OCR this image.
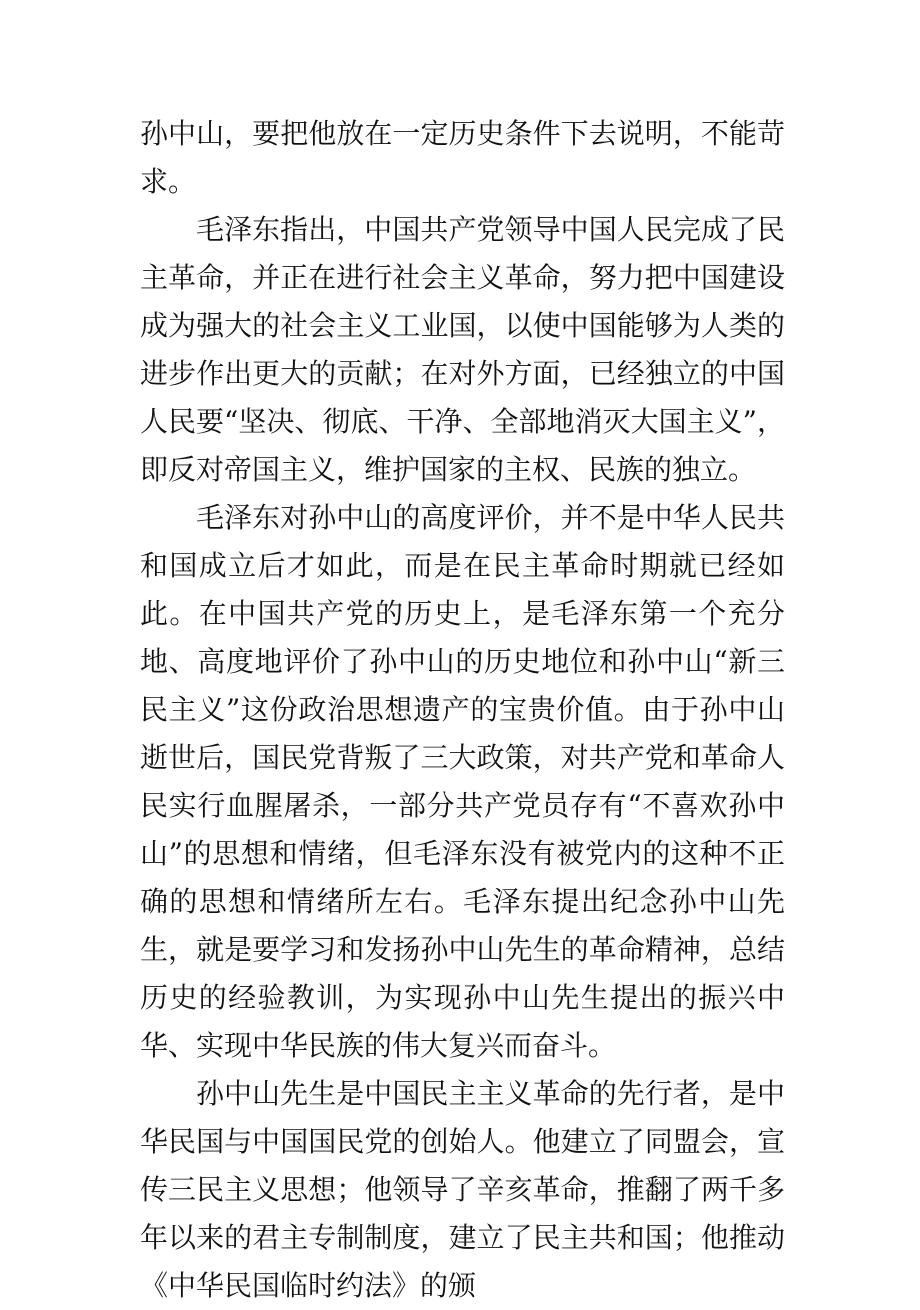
孙中山，要把他放在一定历史条件下去说明，不能苛求。

毛泽东指出，中国共产党领导中国人民完成了民主革命，并正在进行社会主义革命，努力把中国建设成为强大的社会主义工业国，以使中国能够为人类的进步作出更大的贡献；在对外方面，已经独立的中国人民要“坚决、彻底、干净、全部地消灭大国主义”，即反对帝国主义，维护国家的主权、民族的独立。

毛泽东对孙中山的高度评价，并不是中华人民共和国成立后才如此，而是在民主革命时期就已经如此。在中国共产党的历史上，是毛泽东第一个充分地、高度地评价了孙中山的历史地位和孙中山“新三民主义”这份政治思想遗产的宝贵价值。由于孙中山逝世后，国民党背叛了三大政策，对共产党和革命人民实行血腥屠杀，一部分共产党员存有“不喜欢孙中山”的思想和情绪，但毛泽东没有被党内的这种不正确的思想和情绪所左右。毛泽东提出纪念孙中山先生，就是要学习和发扬孙中山先生的革命精神，总结历史的经验教训，为实现孙中山先生提出的振兴中华、实现中华民族的伟大复兴而奋斗。

孙中山先生是中国民主主义革命的先行者，是中华民国与中国国民党的创始人。他建立了同盟会，宣传三民主义思想；他领导了辛亥革命，推翻了两千多年以来的君主专制制度，建立了民主共和国；他推动《中华民国临时约法》的颁
